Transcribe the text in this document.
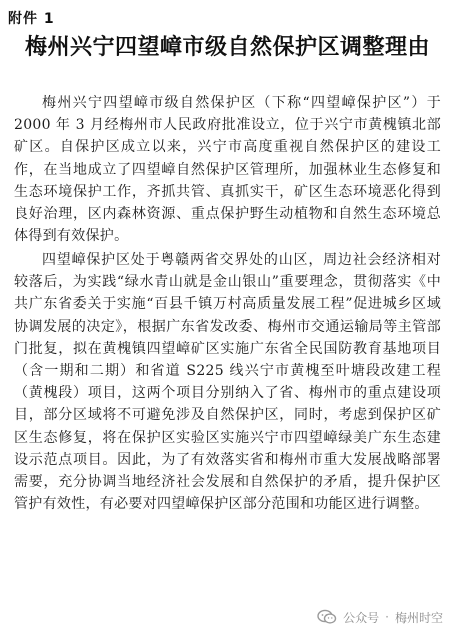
附件 1
梅州兴宁四望嶂市级自然保护区调整理由

梅州兴宁四望嶂市级自然保护区（下称“四望嶂保护区”）于 2000 年 3 月经梅州市人民政府批准设立，位于兴宁市黄槐镇北部矿区。自保护区成立以来，兴宁市高度重视自然保护区的建设工作，在当地成立了四望嶂自然保护区管理所，加强林业生态修复和生态环境保护工作，齐抓共管、真抓实干，矿区生态环境恶化得到良好治理，区内森林资源、重点保护野生动植物和自然生态环境总体得到有效保护。

四望嶂保护区处于粤赣两省交界处的山区，周边社会经济相对较落后，为实践“绿水青山就是金山银山”重要理念，贯彻落实《中共广东省委关于实施“百县千镇万村高质量发展工程”促进城乡区域协调发展的决定》，根据广东省发改委、梅州市交通运输局等主管部门批复，拟在黄槐镇四望嶂矿区实施广东省全民国防教育基地项目（含一期和二期）和省道 S225 线兴宁市黄槐至叶塘段改建工程（黄槐段）项目，这两个项目分别纳入了省、梅州市的重点建设项目，部分区域将不可避免涉及自然保护区，同时，考虑到保护区矿区生态修复，将在保护区实验区实施兴宁市四望嶂绿美广东生态建设示范点项目。因此，为了有效落实省和梅州市重大发展战略部署需要，充分协调当地经济社会发展和自然保护的矛盾，提升保护区管护有效性，有必要对四望嶂保护区部分范围和功能区进行调整。

公众号 · 梅州时空
